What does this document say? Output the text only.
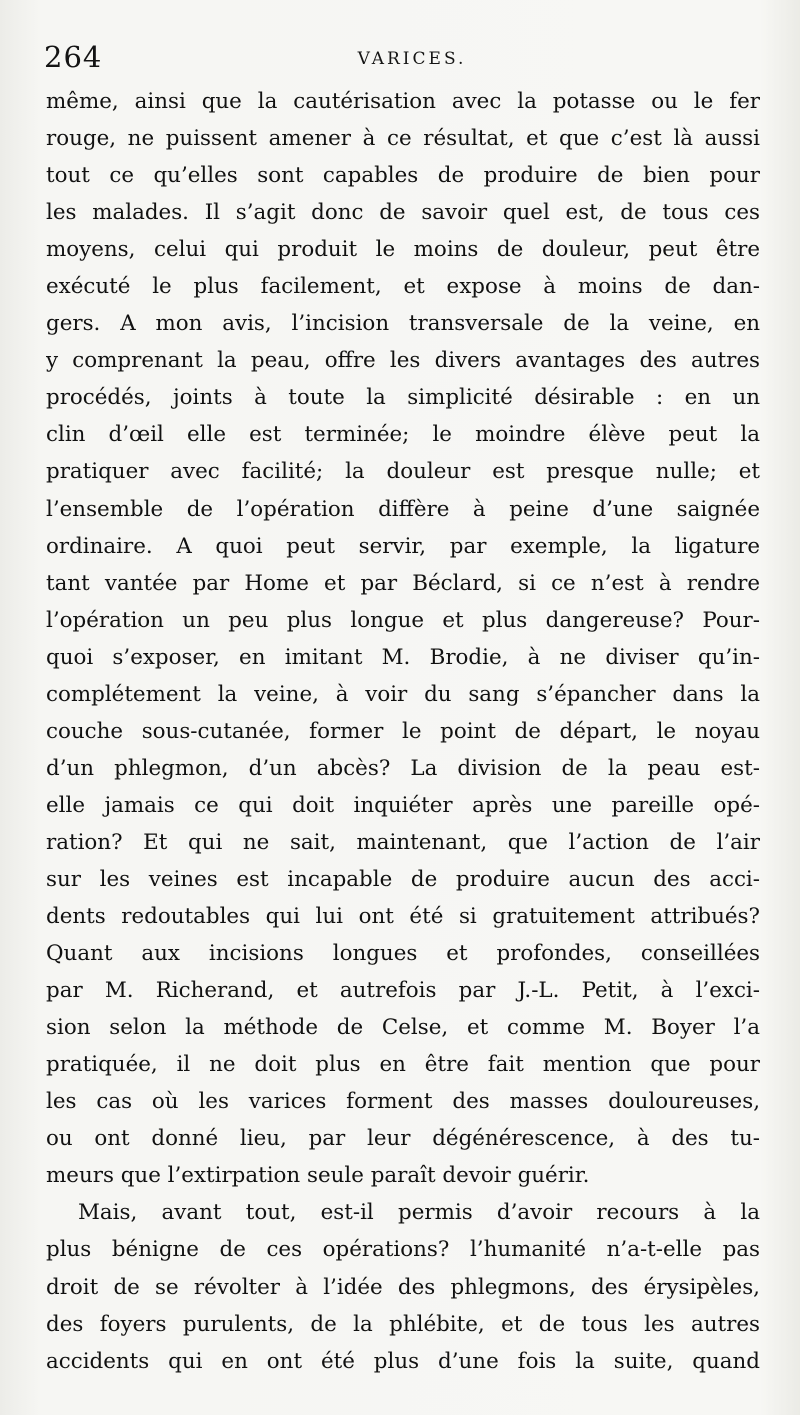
264	VARICES.
même, ainsi que la cautérisation avec la potasse ou le fer
rouge, ne puissent amener à ce résultat, et que c’est là aussi
tout ce qu’elles sont capables de produire de bien pour
les malades. Il s’agit donc de savoir quel est, de tous ces
moyens, celui qui produit le moins de douleur, peut être
exécuté le plus facilement, et expose à moins de dan-
gers. A mon avis, l’incision transversale de la veine, en
y comprenant la peau, offre les divers avantages des autres
procédés, joints à toute la simplicité désirable : en un
clin d’œil elle est terminée; le moindre élève peut la
pratiquer avec facilité; la douleur est presque nulle; et
l’ensemble de l’opération diffère à peine d’une saignée
ordinaire. A quoi peut servir, par exemple, la ligature
tant vantée par Home et par Béclard, si ce n’est à rendre
l’opération un peu plus longue et plus dangereuse? Pour-
quoi s’exposer, en imitant M. Brodie, à ne diviser qu’in-
complétement la veine, à voir du sang s’épancher dans la
couche sous-cutanée, former le point de départ, le noyau
d’un phlegmon, d’un abcès? La division de la peau est-
elle jamais ce qui doit inquiéter après une pareille opé-
ration? Et qui ne sait, maintenant, que l’action de l’air
sur les veines est incapable de produire aucun des acci-
dents redoutables qui lui ont été si gratuitement attribués?
Quant aux incisions longues et profondes, conseillées
par M. Richerand, et autrefois par J.-L. Petit, à l’exci-
sion selon la méthode de Celse, et comme M. Boyer l’a
pratiquée, il ne doit plus en être fait mention que pour
les cas où les varices forment des masses douloureuses,
ou ont donné lieu, par leur dégénérescence, à des tu-
meurs que l’extirpation seule paraît devoir guérir.
Mais, avant tout, est-il permis d’avoir recours à la
plus bénigne de ces opérations? l’humanité n’a-t-elle pas
droit de se révolter à l’idée des phlegmons, des érysipèles,
des foyers purulents, de la phlébite, et de tous les autres
accidents qui en ont été plus d’une fois la suite, quand
